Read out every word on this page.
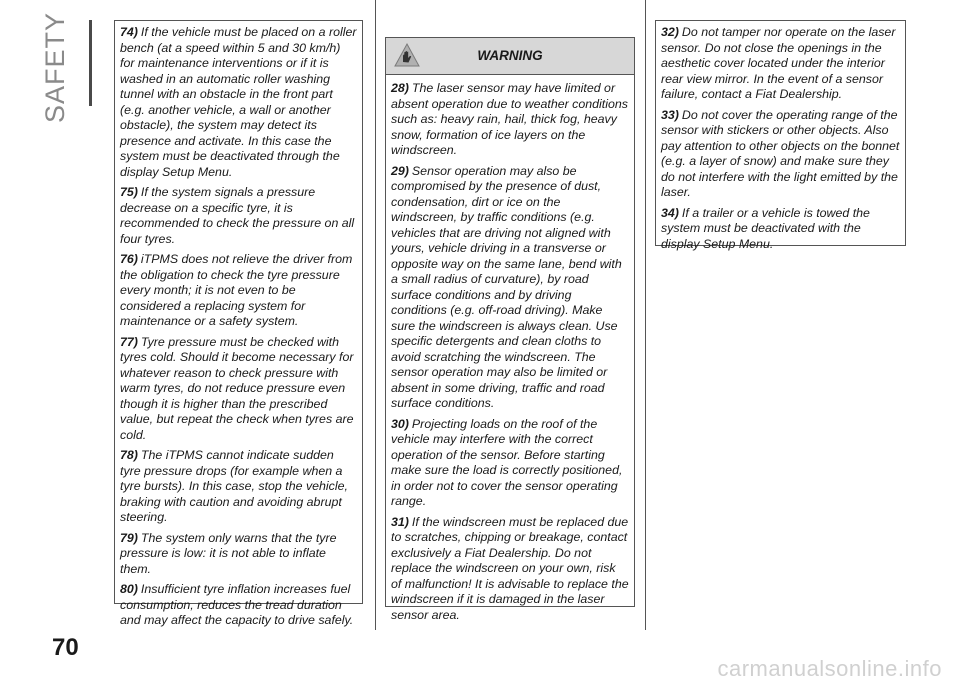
SAFETY
70

74) If the vehicle must be placed on a roller bench (at a speed within 5 and 30 km/h) for maintenance interventions or if it is washed in an automatic roller washing tunnel with an obstacle in the front part (e.g. another vehicle, a wall or another obstacle), the system may detect its presence and activate. In this case the system must be deactivated through the display Setup Menu.

75) If the system signals a pressure decrease on a specific tyre, it is recommended to check the pressure on all four tyres.

76) iTPMS does not relieve the driver from the obligation to check the tyre pressure every month; it is not even to be considered a replacing system for maintenance or a safety system.

77) Tyre pressure must be checked with tyres cold. Should it become necessary for whatever reason to check pressure with warm tyres, do not reduce pressure even though it is higher than the prescribed value, but repeat the check when tyres are cold.

78) The iTPMS cannot indicate sudden tyre pressure drops (for example when a tyre bursts). In this case, stop the vehicle, braking with caution and avoiding abrupt steering.

79) The system only warns that the tyre pressure is low: it is not able to inflate them.

80) Insufficient tyre inflation increases fuel consumption, reduces the tread duration and may affect the capacity to drive safely.

WARNING

28) The laser sensor may have limited or absent operation due to weather conditions such as: heavy rain, hail, thick fog, heavy snow, formation of ice layers on the windscreen.

29) Sensor operation may also be compromised by the presence of dust, condensation, dirt or ice on the windscreen, by traffic conditions (e.g. vehicles that are driving not aligned with yours, vehicle driving in a transverse or opposite way on the same lane, bend with a small radius of curvature), by road surface conditions and by driving conditions (e.g. off-road driving). Make sure the windscreen is always clean. Use specific detergents and clean cloths to avoid scratching the windscreen. The sensor operation may also be limited or absent in some driving, traffic and road surface conditions.

30) Projecting loads on the roof of the vehicle may interfere with the correct operation of the sensor. Before starting make sure the load is correctly positioned, in order not to cover the sensor operating range.

31) If the windscreen must be replaced due to scratches, chipping or breakage, contact exclusively a Fiat Dealership. Do not replace the windscreen on your own, risk of malfunction! It is advisable to replace the windscreen if it is damaged in the laser sensor area.

32) Do not tamper nor operate on the laser sensor. Do not close the openings in the aesthetic cover located under the interior rear view mirror. In the event of a sensor failure, contact a Fiat Dealership.

33) Do not cover the operating range of the sensor with stickers or other objects. Also pay attention to other objects on the bonnet (e.g. a layer of snow) and make sure they do not interfere with the light emitted by the laser.

34) If a trailer or a vehicle is towed the system must be deactivated with the display Setup Menu.

carmanualsonline.info
